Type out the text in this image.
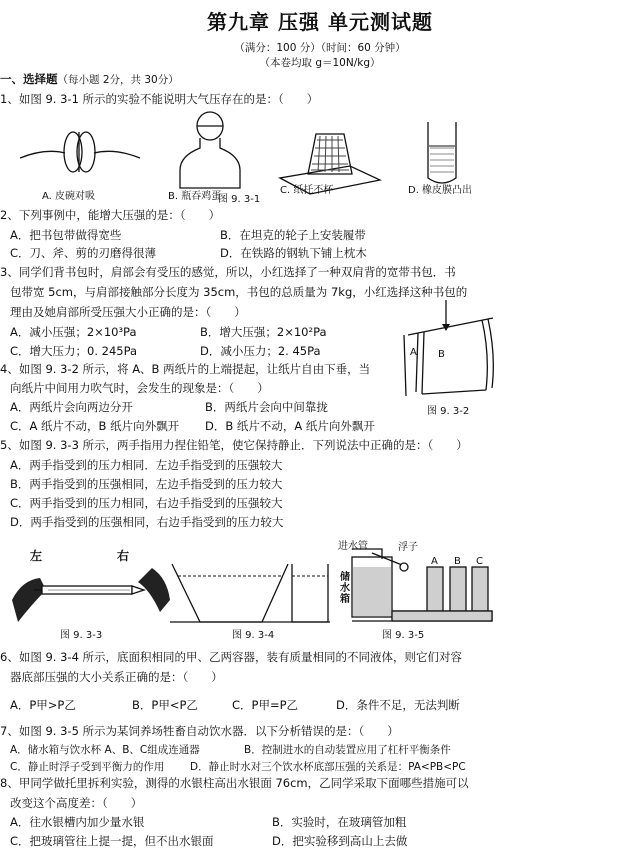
第九章 压强 单元测试题
（满分：100 分）（时间：60 分钟）
（本卷均取 g＝10N/kg）
一、选择题（每小题 2分，共 30分）
1、如图 9. 3-1 所示的实验不能说明大气压存在的是：（　　）
A. 皮碗对吸	B. 瓶吞鸡蛋
C. 纸托不杯	D. 橡皮膜凸出
图 9. 3-1
2、下列事例中，能增大压强的是：（　　）
A．把书包带做得宽些	B．在坦克的轮子上安装履带
C．刀、斧、剪的刃磨得很薄	D．在铁路的钢轨下铺上枕木
3、同学们背书包时，肩部会有受压的感觉，所以，小红选择了一种双肩背的宽带书包．书
包带宽 5cm，与肩部接触部分长度为 35cm，书包的总质量为 7kg，小红选择这种书包的
理由及她肩部所受压强大小正确的是：（　　）
A．减小压强；2×10³Pa	B．增大压强；2×10²Pa
C．增大压力；0. 245Pa	D．减小压力；2. 45Pa	A B
图 9. 3-2
4、如图 9. 3-2 所示，将 A、B 两纸片的上端提起，让纸片自由下垂，当
向纸片中间用力吹气时，会发生的现象是：（　　）
A．两纸片会向两边分开	B．两纸片会向中间靠拢
C．A 纸片不动，B 纸片向外飘开 D．B 纸片不动，A 纸片向外飘开
5、如图 9. 3-3 所示，两手指用力捏住铅笔，使它保持静止．下列说法中正确的是：（　　）
A．两手指受到的压力相同．左边手指受到的压强较大
B．两手指受到的压强相同，左边手指受到的压力较大
C．两手指受到的压力相同，右边手指受到的压强较大
D．两手指受到的压强相同，右边手指受到的压力较大
左	右
图 9. 3-3	图 9. 3-4
进水管	浮子
储水箱
A B C
图 9. 3-5
6、如图 9. 3-4 所示，底面积相同的甲、乙两容器，装有质量相同的不同液体，则它们对容
器底部压强的大小关系正确的是：（　　）
A．P甲>P乙	B．P甲<P乙	C．P甲=P乙	D．条件不足，无法判断
7、如图 9. 3-5 所示为某饲养场牲畜自动饮水器．以下分析错误的是：（　　）
A．储水箱与饮水杯 A、B、C组成连通器	B．控制进水的自动装置应用了杠杆平衡条件
C．静止时浮子受到平衡力的作用 D．静止时水对三个饮水杯底部压强的关系是：PA<PB<PC
8、甲同学做托里拆利实验，测得的水银柱高出水银面 76cm，乙同学采取下面哪些措施可以
改变这个高度差：（　　）
A．往水银槽内加少量水银	B．实验时，在玻璃管加粗
C．把玻璃管往上提一提，但不出水银面	D．把实验移到高山上去做
